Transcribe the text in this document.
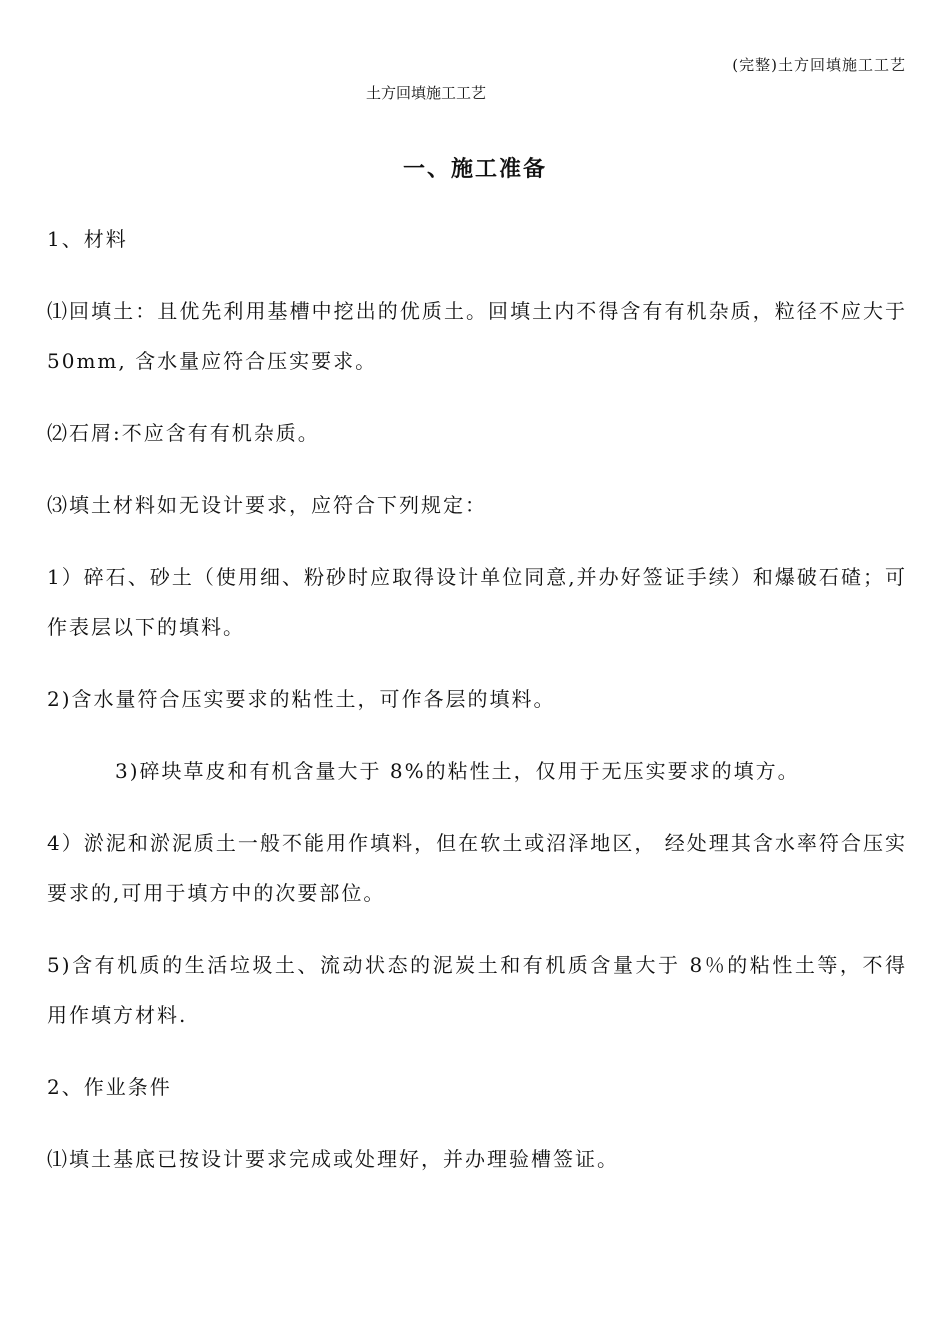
(完整)土方回填施工工艺
土方回填施工工艺
一、施工准备

1、材料

⑴回填土：且优先利用基槽中挖出的优质土。回填土内不得含有有机杂质，粒径不应大于 50mm, 含水量应符合压实要求。

⑵石屑:不应含有有机杂质。

⑶填土材料如无设计要求，应符合下列规定：

1）碎石、砂土（使用细、粉砂时应取得设计单位同意,并办好签证手续）和爆破石碴；可作表层以下的填料。

2)含水量符合压实要求的粘性土，可作各层的填料。

3)碎块草皮和有机含量大于 8%的粘性土，仅用于无压实要求的填方。

4）淤泥和淤泥质土一般不能用作填料，但在软土或沼泽地区， 经处理其含水率符合压实要求的,可用于填方中的次要部位。

5)含有机质的生活垃圾土、流动状态的泥炭土和有机质含量大于 8％的粘性土等，不得用作填方材料.

2、作业条件

⑴填土基底已按设计要求完成或处理好，并办理验槽签证。
